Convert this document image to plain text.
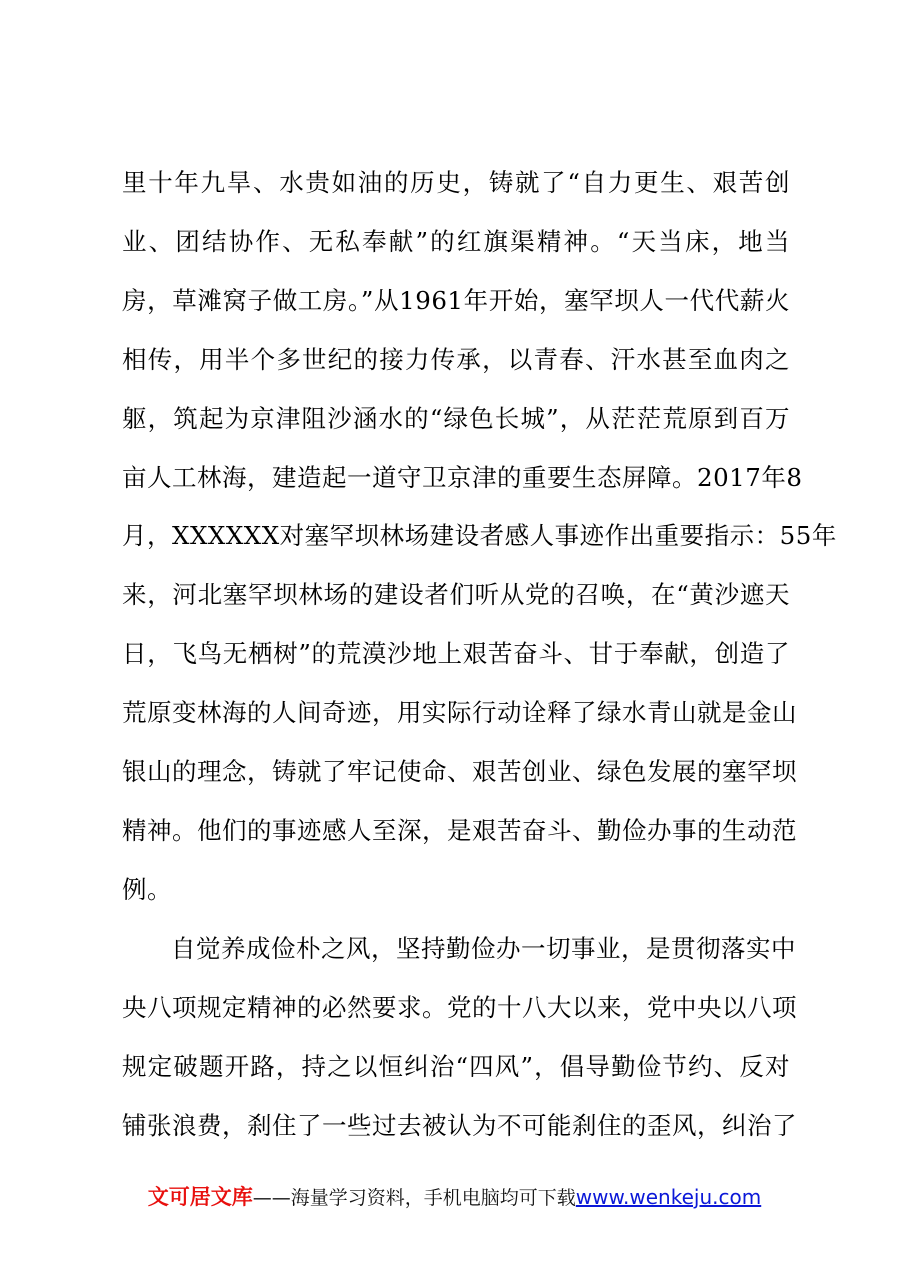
里十年九旱、水贵如油的历史，铸就了“自力更生、艰苦创
业、团结协作、无私奉献”的红旗渠精神。“天当床，地当
房，草滩窝子做工房。”从1961年开始，塞罕坝人一代代薪火
相传，用半个多世纪的接力传承，以青春、汗水甚至血肉之
躯，筑起为京津阻沙涵水的“绿色长城”，从茫茫荒原到百万
亩人工林海，建造起一道守卫京津的重要生态屏障。2017年8
月，XXXXXX对塞罕坝林场建设者感人事迹作出重要指示：55年
来，河北塞罕坝林场的建设者们听从党的召唤，在“黄沙遮天
日，飞鸟无栖树”的荒漠沙地上艰苦奋斗、甘于奉献，创造了
荒原变林海的人间奇迹，用实际行动诠释了绿水青山就是金山
银山的理念，铸就了牢记使命、艰苦创业、绿色发展的塞罕坝
精神。他们的事迹感人至深，是艰苦奋斗、勤俭办事的生动范
例。
自觉养成俭朴之风，坚持勤俭办一切事业，是贯彻落实中
央八项规定精神的必然要求。党的十八大以来，党中央以八项
规定破题开路，持之以恒纠治“四风”，倡导勤俭节约、反对
铺张浪费，刹住了一些过去被认为不可能刹住的歪风，纠治了
文可居文库——海量学习资料，手机电脑均可下载www.wenkeju.com
